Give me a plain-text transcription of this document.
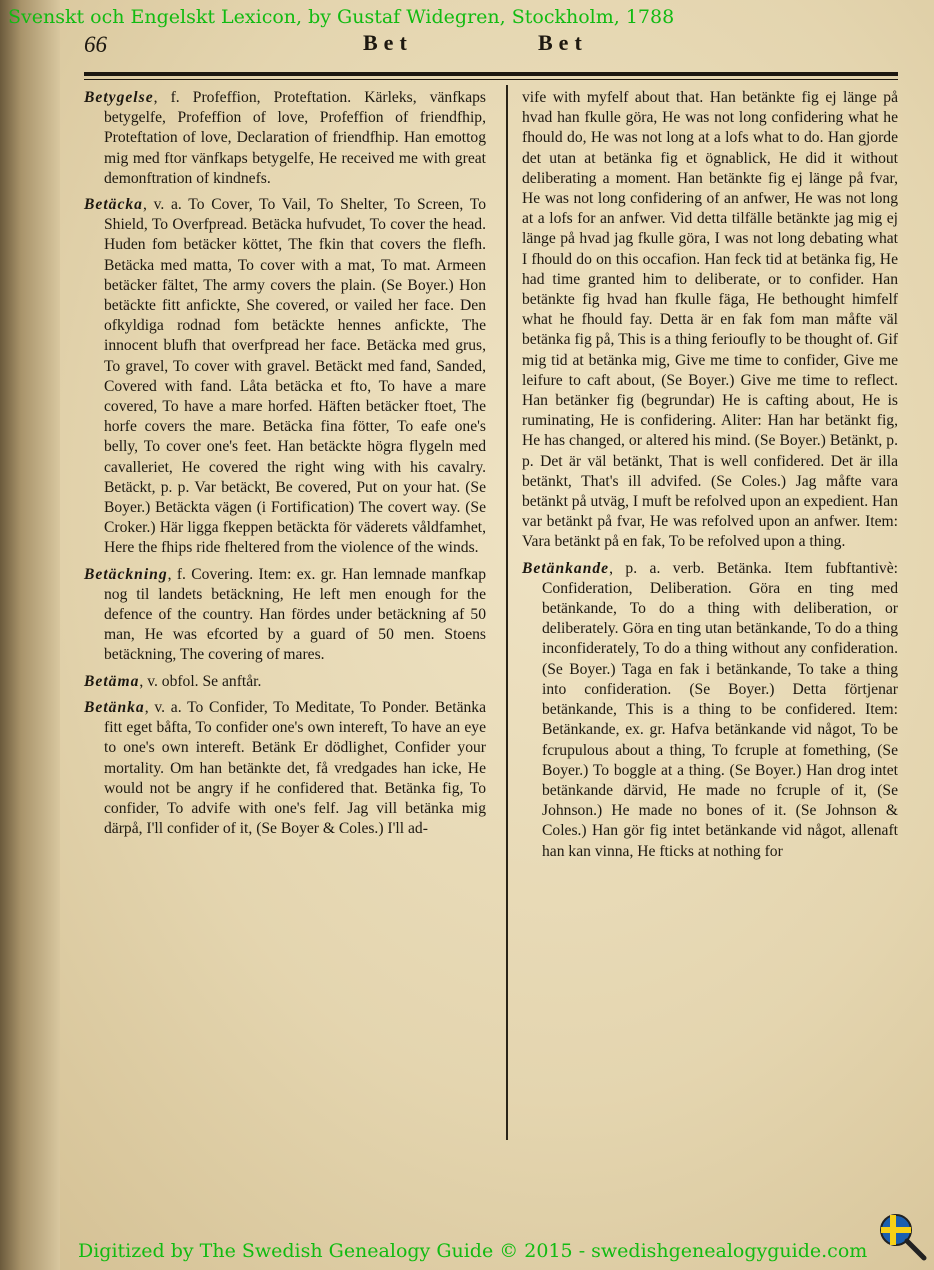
Svenskt och Engelskt Lexicon, by Gustaf Widegren, Stockholm, 1788
66	Bet	Bet

Betygelse, f. Profeffion, Proteftation. Kärleks, vänfkaps betygelfe, Profeffion of love, Profeffion of friendfhip, Proteftation of love, Declaration of friendfhip. Han emottog mig med ftor vänfkaps betygelfe, He received me with great demonftration of kindnefs.

Betäcka, v. a. To Cover, To Vail, To Shelter, To Screen, To Shield, To Overfpread. Betäcka hufvudet, To cover the head. Huden fom betäcker köttet, The fkin that covers the flefh. Betäcka med matta, To cover with a mat, To mat. Armeen betäcker fältet, The army covers the plain. (Se Boyer.) Hon betäckte fitt anfickte, She covered, or vailed her face. Den ofkyldiga rodnad fom betäckte hennes anfickte, The innocent blufh that overfpread her face. Betäcka med grus, To gravel, To cover with gravel. Betäckt med fand, Sanded, Covered with fand. Låta betäcka et fto, To have a mare covered, To have a mare horfed. Häften betäcker ftoet, The horfe covers the mare. Betäcka fina fötter, To eafe one's belly, To cover one's feet. Han betäckte högra flygeln med cavalleriet, He covered the right wing with his cavalry. Betäckt, p. p. Var betäckt, Be covered, Put on your hat. (Se Boyer.) Betäckta vägen (i Fortification) The covert way. (Se Croker.) Här ligga fkeppen betäckta för väderets våldfamhet, Here the fhips ride fheltered from the violence of the winds.

Betäckning, f. Covering. Item: ex. gr. Han lemnade manfkap nog til landets betäckning, He left men enough for the defence of the country. Han fördes under betäckning af 50 man, He was efcorted by a guard of 50 men. Stoens betäckning, The covering of mares.

Betäma, v. obfol. Se anftår.

Betänka, v. a. To Confider, To Meditate, To Ponder. Betänka fitt eget båfta, To confider one's own intereft, To have an eye to one's own intereft. Betänk Er dödlighet, Confider your mortality. Om han betänkte det, få vredgades han icke, He would not be angry if he confidered that. Betänka fig, To confider, To advife with one's felf. Jag vill betänka mig därpå, I'll confider of it, (Se Boyer & Coles.) I'll ad-

vife with myfelf about that. Han betänkte fig ej länge på hvad han fkulle göra, He was not long confidering what he fhould do, He was not long at a lofs what to do. Han gjorde det utan at betänka fig et ögnablick, He did it without deliberating a moment. Han betänkte fig ej länge på fvar, He was not long confidering of an anfwer, He was not long at a lofs for an anfwer. Vid detta tilfälle betänkte jag mig ej länge på hvad jag fkulle göra, I was not long debating what I fhould do on this occafion. Han feck tid at betänka fig, He had time granted him to deliberate, or to confider. Han betänkte fig hvad han fkulle fäga, He bethought himfelf what he fhould fay. Detta är en fak fom man måfte väl betänka fig på, This is a thing ferioufly to be thought of. Gif mig tid at betänka mig, Give me time to confider, Give me leifure to caft about, (Se Boyer.) Give me time to reflect. Han betänker fig (begrundar) He is cafting about, He is ruminating, He is confidering. Aliter: Han har betänkt fig, He has changed, or altered his mind. (Se Boyer.) Betänkt, p. p. Det är väl betänkt, That is well confidered. Det är illa betänkt, That's ill advifed. (Se Coles.) Jag måfte vara betänkt på utväg, I muft be refolved upon an expedient. Han var betänkt på fvar, He was refolved upon an anfwer. Item: Vara betänkt på en fak, To be refolved upon a thing.

Betänkande, p. a. verb. Betänka. Item fubftantivè: Confideration, Deliberation. Göra en ting med betänkande, To do a thing with deliberation, or deliberately. Göra en ting utan betänkande, To do a thing inconfiderately, To do a thing without any confideration. (Se Boyer.) Taga en fak i betänkande, To take a thing into confideration. (Se Boyer.) Detta förtjenar betänkande, This is a thing to be confidered. Item: Betänkande, ex. gr. Hafva betänkande vid något, To be fcrupulous about a thing, To fcruple at fomething, (Se Boyer.) To boggle at a thing. (Se Boyer.) Han drog intet betänkande därvid, He made no fcruple of it, (Se Johnson.) He made no bones of it. (Se Johnson & Coles.) Han gör fig intet betänkande vid något, allenaft han kan vinna, He fticks at nothing for

Digitized by The Swedish Genealogy Guide © 2015 - swedishgenealogyguide.com
